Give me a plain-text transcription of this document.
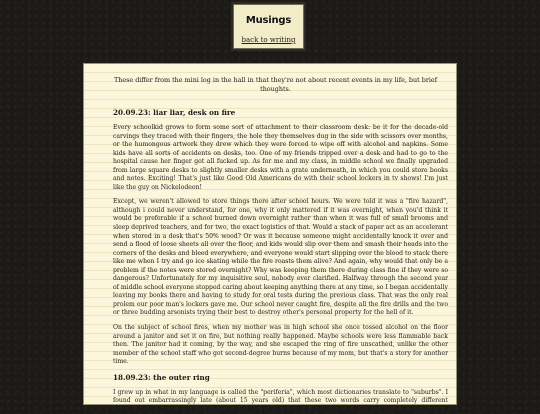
Musings
back to writing

These differ from the mini log in the hall in that they're not about recent events in my life, but brief thoughts.

20.09.23: liar liar, desk on fire

Every schoolkid grows to form some sort of attachment to their classroom desk: be it for the decade-old carvings they traced with their fingers, the hole they themselves dug in the side with scissors over months, or the humongous artwork they drew which they were forced to wipe off with alcohol and napkins. Some kids have all sorts of accidents on desks, too. One of my friends tripped over a desk and had to go to the hospital cause her finger got all fucked up. As for me and my class, in middle school we finally upgraded from large square desks to slightly smaller desks with a grate underneath, in which you could store books and notes. Exciting! That's just like Good Old Americans do with their school lockers in tv shows! I'm just like the guy on Nickelodeon!

Except, we weren't allowed to store things there after school hours. We were told it was a "fire hazard", although i could never understand, for one, why it only mattered if it was overnight, when you'd think it would be preferable if a school burned down overnight rather than when it was full of small brooms and sleep deprived teachers, and for two, the exact logistics of that. Would a stack of paper act as an accelerant when stored in a desk that's 50% wood? Or was it because someone might accidentally knock it over and send a flood of loose sheets all over the floor, and kids would slip over them and smash their heads into the corners of the desks and bleed everywhere, and everyone would start slipping over the blood to stack there like me when I try and go ice skating while the fire roasts them alive? And again, why would that only be a problem if the notes were stored overnight? Why was keeping them there during class fine if they were so dangerous? Unfortunately for my inquisitive soul, nobody ever clarified. Halfway through the second year of middle school everyone stopped caring about keeping anything there at any time, so I began accidentally leaving my books there and having to study for oral tests during the previous class. That was the only real prolem our poor man's lockers gave me. Our school never caught fire, despite all the fire drills and the two or three budding arsonists trying their best to destroy other's personal property for the hell of it.

On the subject of school fires, when my mother was in high school she once tossed alcohol on the floor around a janitor and set it on fire, but nothing really happened. Maybe schools were less flammable back then. The janitor had it coming, by the way, and she escaped the ring of fire unscathed, unlike the other member of the school staff who got second-degree burns because of my mom, but that's a story for another time.

18.09.23: the outer ring

I grew up in what in my language is called the "periferia", which most dictionaries translate to "suburbs". I found out embarrassingly late (about 15 years old) that these two words carry completely different implications. See, the comparison was made on a geographical basis: both refer to the outer ring of a city.
